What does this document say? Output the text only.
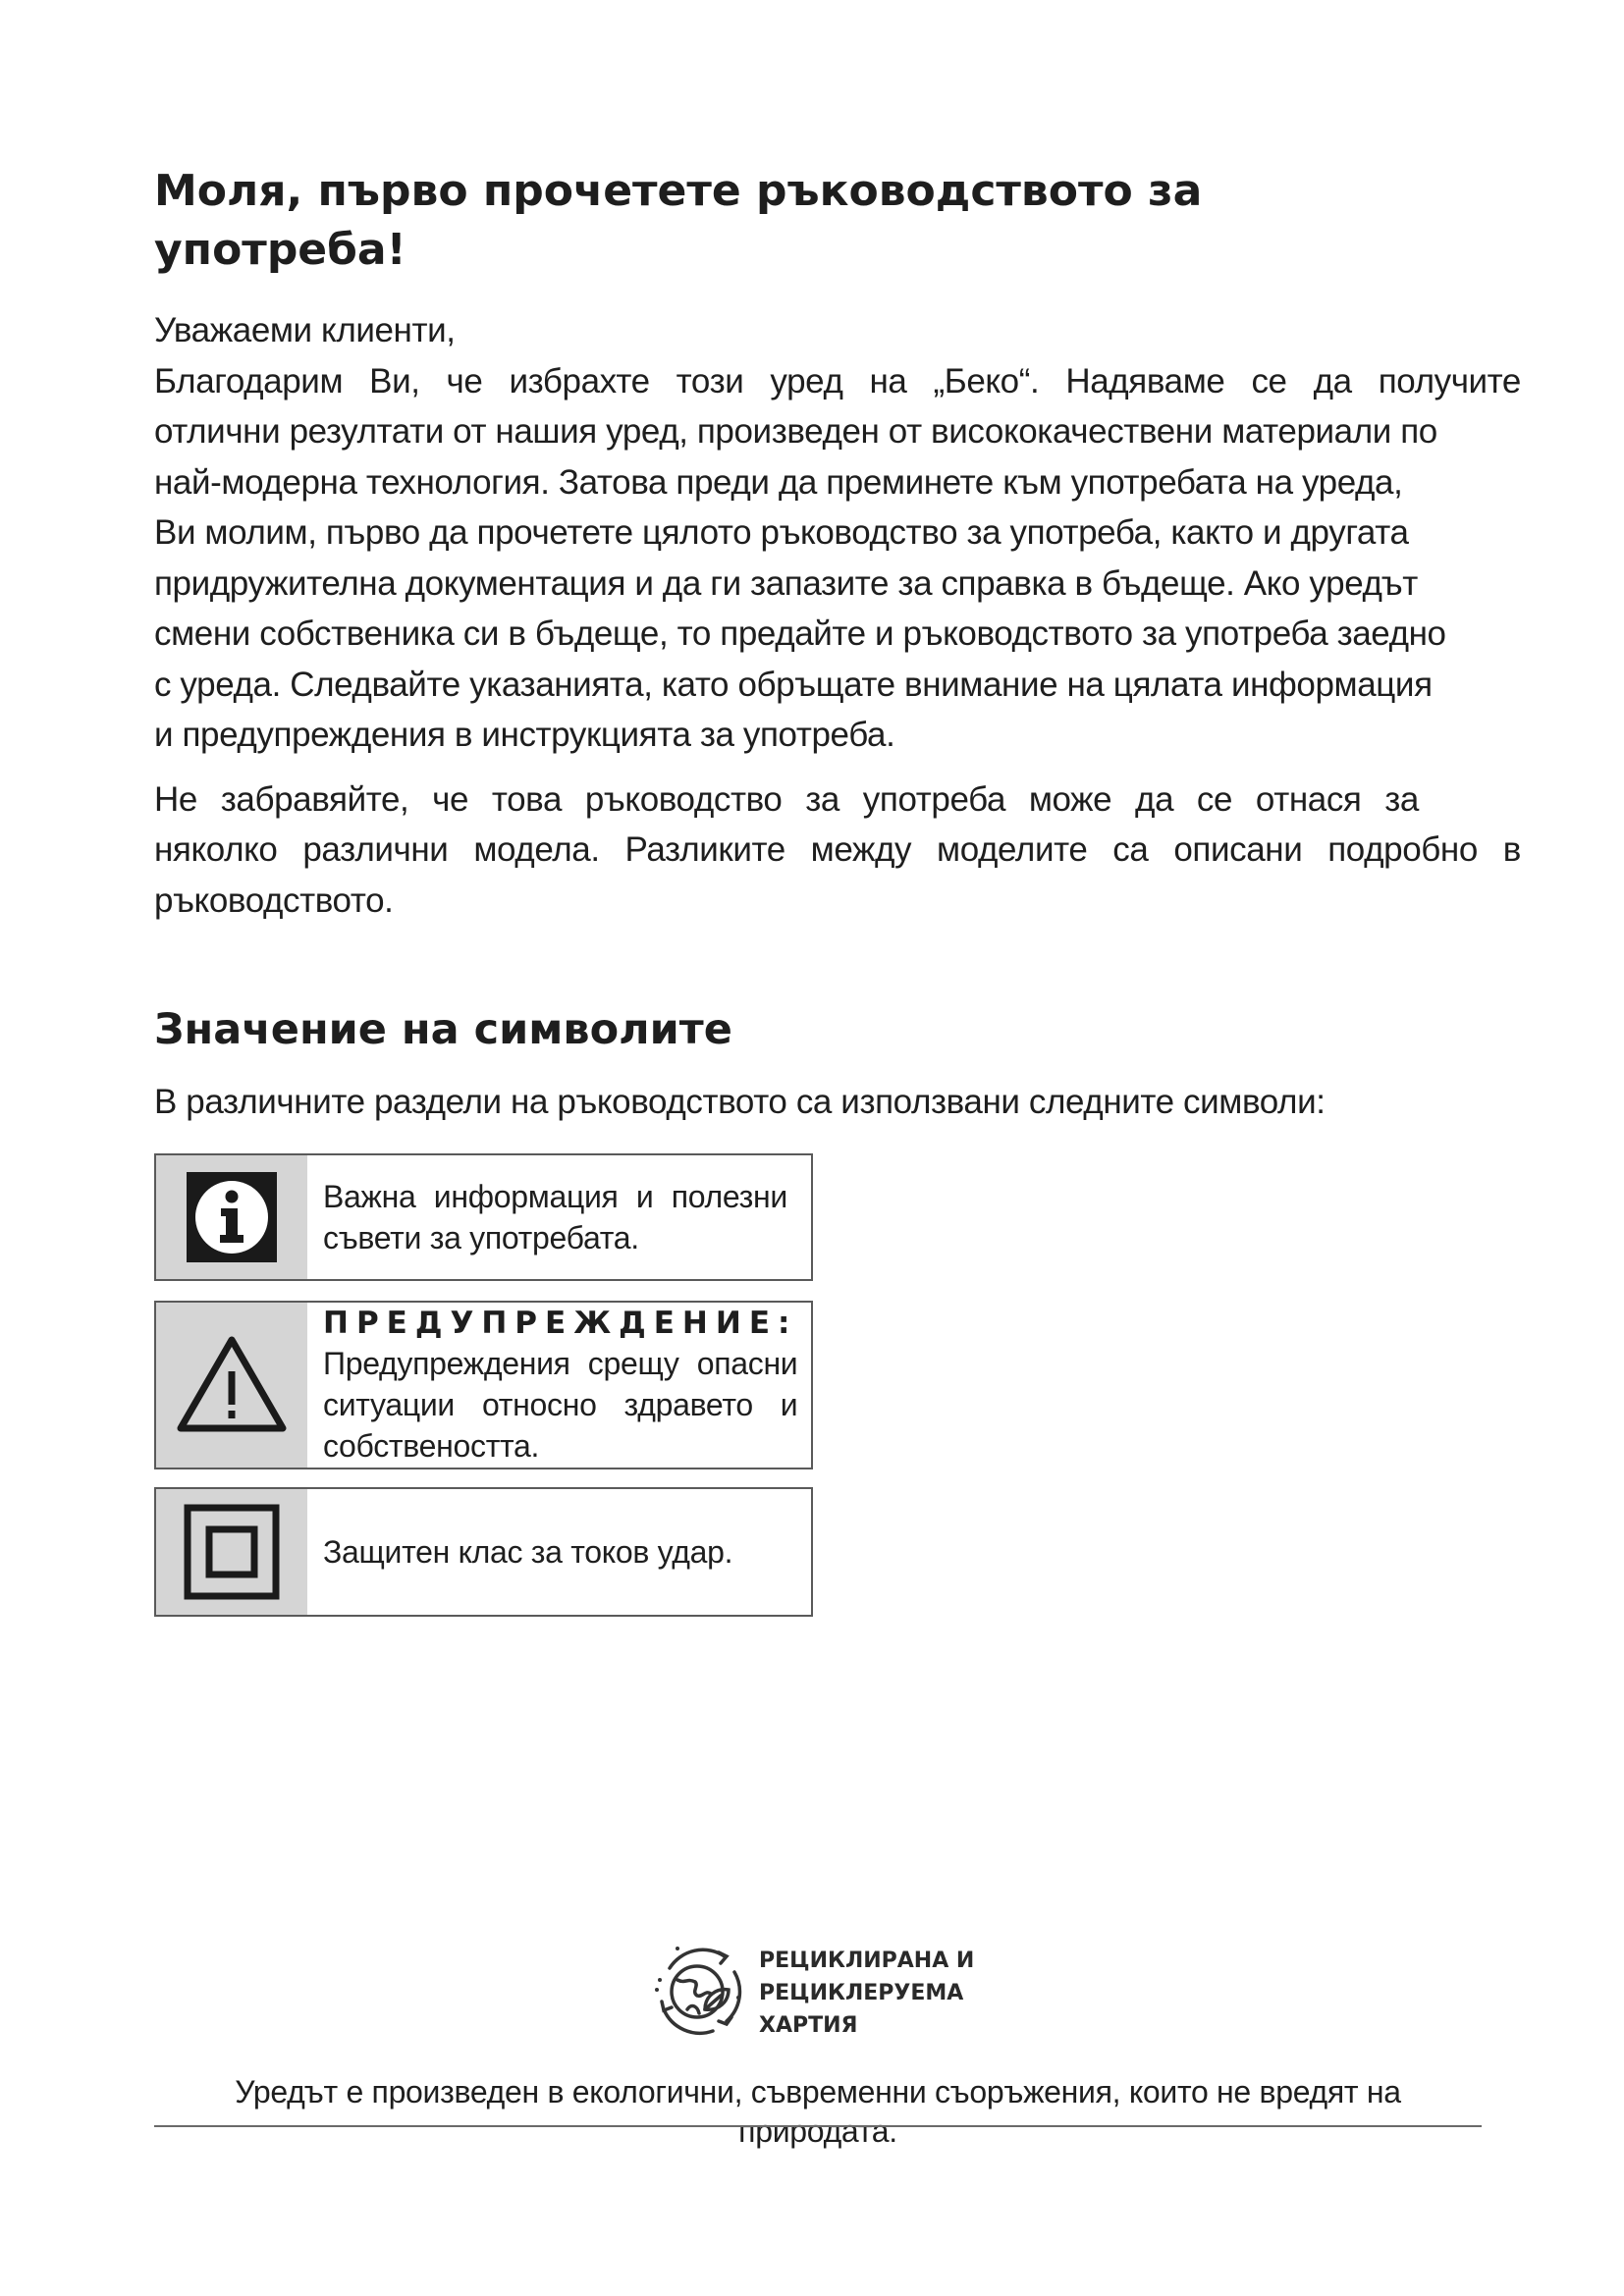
Моля, първо прочетете ръководството за употреба!

Уважаеми клиенти,

Благодарим Ви, че избрахте този уред на „Беко“. Надяваме се да получите
отлични резултати от нашия уред, произведен от висококачествени материали по
най-модерна технология. Затова преди да преминете към употребата на уреда,
Ви молим, първо да прочетете цялото ръководство за употреба, както и другата
придружителна документация и да ги запазите за справка в бъдеще. Ако уредът
смени собственика си в бъдеще, то предайте и ръководството за употреба заедно
с уреда. Следвайте указанията, като обръщате внимание на цялата информация
и предупреждения в инструкцията за употреба.

Не забравяйте, че това ръководство за употреба може да се отнася за
няколко различни модела. Разликите между моделите са описани подробно в
ръководството.

Значение на символите

В различните раздели на ръководството са използвани следните символи:

Важна информация и полезни
съвети за употребата.
ПРЕДУПРЕЖДЕНИЕ:
Предупреждения срещу опасни
ситуации относно здравето и
собствеността.
Защитен клас за токов удар.
РЕЦИКЛИРАНА И
РЕЦИКЛЕРУЕМА
ХАРТИЯ
Уредът е произведен в екологични, съвременни съоръжения, които не вредят на природата.
